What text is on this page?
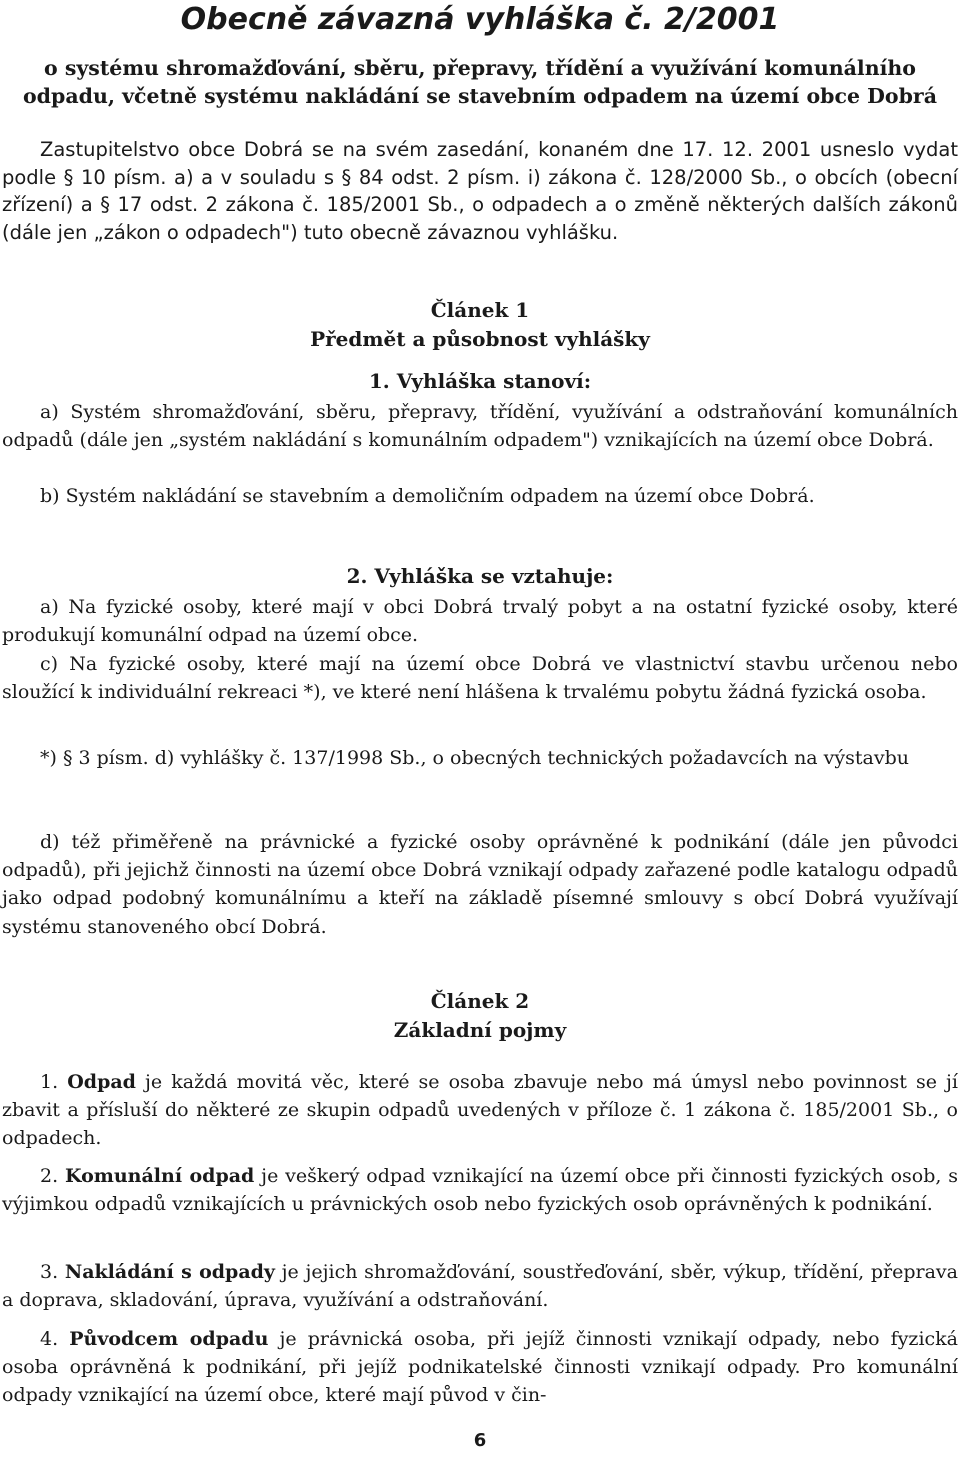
Obecně závazná vyhláška č. 2/2001
o systému shromažďování, sběru, přepravy, třídění a využívání komunálního
odpadu, včetně systému nakládání se stavebním odpadem na území obce Dobrá
Zastupitelstvo obce Dobrá se na svém zasedání, konaném dne 17. 12. 2001 usneslo vydat podle § 10 písm. a) a v souladu s § 84 odst. 2 písm. i) zákona č. 128/2000 Sb., o obcích (obecní zřízení) a § 17 odst. 2 zákona č. 185/2001 Sb., o odpadech a o změně některých dalších zákonů (dále jen „zákon o odpadech") tuto obecně závaznou vyhlášku.
Článek 1
Předmět a působnost vyhlášky
1. Vyhláška stanoví:
a) Systém shromažďování, sběru, přepravy, třídění, využívání a odstraňování komunálních odpadů (dále jen „systém nakládání s komunálním odpadem") vznikajících na území obce Dobrá.
b) Systém nakládání se stavebním a demoličním odpadem na území obce Dobrá.
2. Vyhláška se vztahuje:
a) Na fyzické osoby, které mají v obci Dobrá trvalý pobyt a na ostatní fyzické osoby, které produkují komunální odpad na území obce.
c) Na fyzické osoby, které mají na území obce Dobrá ve vlastnictví stavbu určenou nebo sloužící k individuální rekreaci *), ve které není hlášena k trvalému pobytu žádná fyzická osoba.
*) § 3 písm. d) vyhlášky č. 137/1998 Sb., o obecných technických požadavcích na výstavbu
d) též přiměřeně na právnické a fyzické osoby oprávněné k podnikání (dále jen původci odpadů), při jejichž činnosti na území obce Dobrá vznikají odpady zařazené podle katalogu odpadů jako odpad podobný komunálnímu a kteří na základě písemné smlouvy s obcí Dobrá využívají systému stanoveného obcí Dobrá.
Článek 2
Základní pojmy
1. Odpad je každá movitá věc, které se osoba zbavuje nebo má úmysl nebo povinnost se jí zbavit a přísluší do některé ze skupin odpadů uvedených v příloze č. 1 zákona č. 185/2001 Sb., o odpadech.
2. Komunální odpad je veškerý odpad vznikající na území obce při činnosti fyzických osob, s výjimkou odpadů vznikajících u právnických osob nebo fyzických osob oprávněných k podnikání.
3. Nakládání s odpady je jejich shromažďování, soustřeďování, sběr, výkup, třídění, přeprava a doprava, skladování, úprava, využívání a odstraňování.
4. Původcem odpadu je právnická osoba, při jejíž činnosti vznikají odpady, nebo fyzická osoba oprávněná k podnikání, při jejíž podnikatelské činnosti vznikají odpady. Pro komunální odpady vznikající na území obce, které mají původ v čin-
6
